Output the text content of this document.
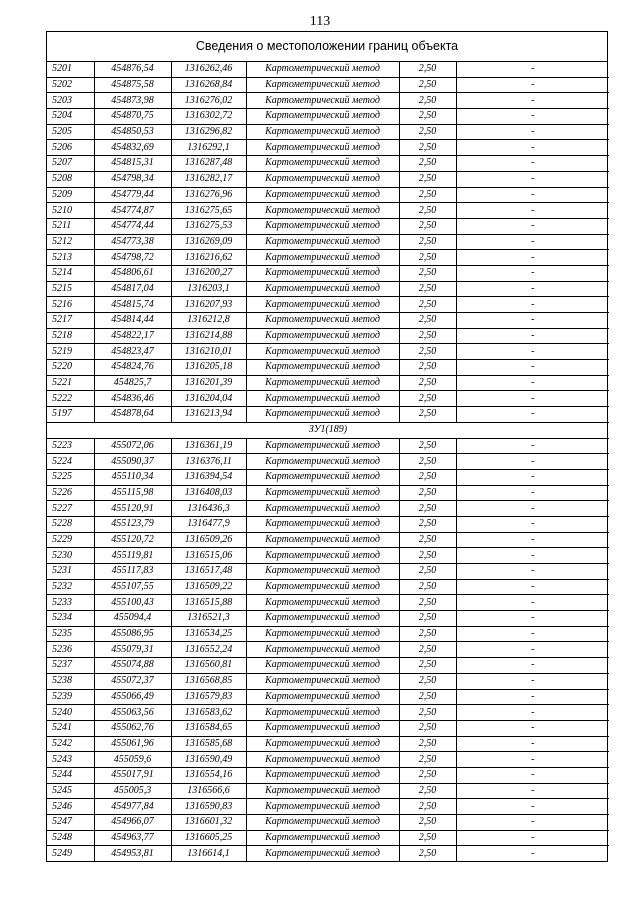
113
Сведения о местоположении границ объекта
5201	454876,54	1316262,46	Картометрический метод	2,50	-
5202	454875,58	1316268,84	Картометрический метод	2,50	-
5203	454873,98	1316276,02	Картометрический метод	2,50	-
5204	454870,75	1316302,72	Картометрический метод	2,50	-
5205	454850,53	1316296,82	Картометрический метод	2,50	-
5206	454832,69	1316292,1	Картометрический метод	2,50	-
5207	454815,31	1316287,48	Картометрический метод	2,50	-
5208	454798,34	1316282,17	Картометрический метод	2,50	-
5209	454779,44	1316276,96	Картометрический метод	2,50	-
5210	454774,87	1316275,65	Картометрический метод	2,50	-
5211	454774,44	1316275,53	Картометрический метод	2,50	-
5212	454773,38	1316269,09	Картометрический метод	2,50	-
5213	454798,72	1316216,62	Картометрический метод	2,50	-
5214	454806,61	1316200,27	Картометрический метод	2,50	-
5215	454817,04	1316203,1	Картометрический метод	2,50	-
5216	454815,74	1316207,93	Картометрический метод	2,50	-
5217	454814,44	1316212,8	Картометрический метод	2,50	-
5218	454822,17	1316214,88	Картометрический метод	2,50	-
5219	454823,47	1316210,01	Картометрический метод	2,50	-
5220	454824,76	1316205,18	Картометрический метод	2,50	-
5221	454825,7	1316201,39	Картометрический метод	2,50	-
5222	454836,46	1316204,04	Картометрический метод	2,50	-
5197	454878,64	1316213,94	Картометрический метод	2,50	-
ЗУ1(189)					
5223	455072,06	1316361,19	Картометрический метод	2,50	-
5224	455090,37	1316376,11	Картометрический метод	2,50	-
5225	455110,34	1316394,54	Картометрический метод	2,50	-
5226	455115,98	1316408,03	Картометрический метод	2,50	-
5227	455120,91	1316436,3	Картометрический метод	2,50	-
5228	455123,79	1316477,9	Картометрический метод	2,50	-
5229	455120,72	1316509,26	Картометрический метод	2,50	-
5230	455119,81	1316515,06	Картометрический метод	2,50	-
5231	455117,83	1316517,48	Картометрический метод	2,50	-
5232	455107,55	1316509,22	Картометрический метод	2,50	-
5233	455100,43	1316515,88	Картометрический метод	2,50	-
5234	455094,4	1316521,3	Картометрический метод	2,50	-
5235	455086,95	1316534,25	Картометрический метод	2,50	-
5236	455079,31	1316552,24	Картометрический метод	2,50	-
5237	455074,88	1316560,81	Картометрический метод	2,50	-
5238	455072,37	1316568,85	Картометрический метод	2,50	-
5239	455066,49	1316579,83	Картометрический метод	2,50	-
5240	455063,56	1316583,62	Картометрический метод	2,50	-
5241	455062,76	1316584,65	Картометрический метод	2,50	-
5242	455061,96	1316585,68	Картометрический метод	2,50	-
5243	455059,6	1316590,49	Картометрический метод	2,50	-
5244	455017,91	1316554,16	Картометрический метод	2,50	-
5245	455005,3	1316566,6	Картометрический метод	2,50	-
5246	454977,84	1316590,83	Картометрический метод	2,50	-
5247	454966,07	1316601,32	Картометрический метод	2,50	-
5248	454963,77	1316605,25	Картометрический метод	2,50	-
5249	454953,81	1316614,1	Картометрический метод	2,50	-
